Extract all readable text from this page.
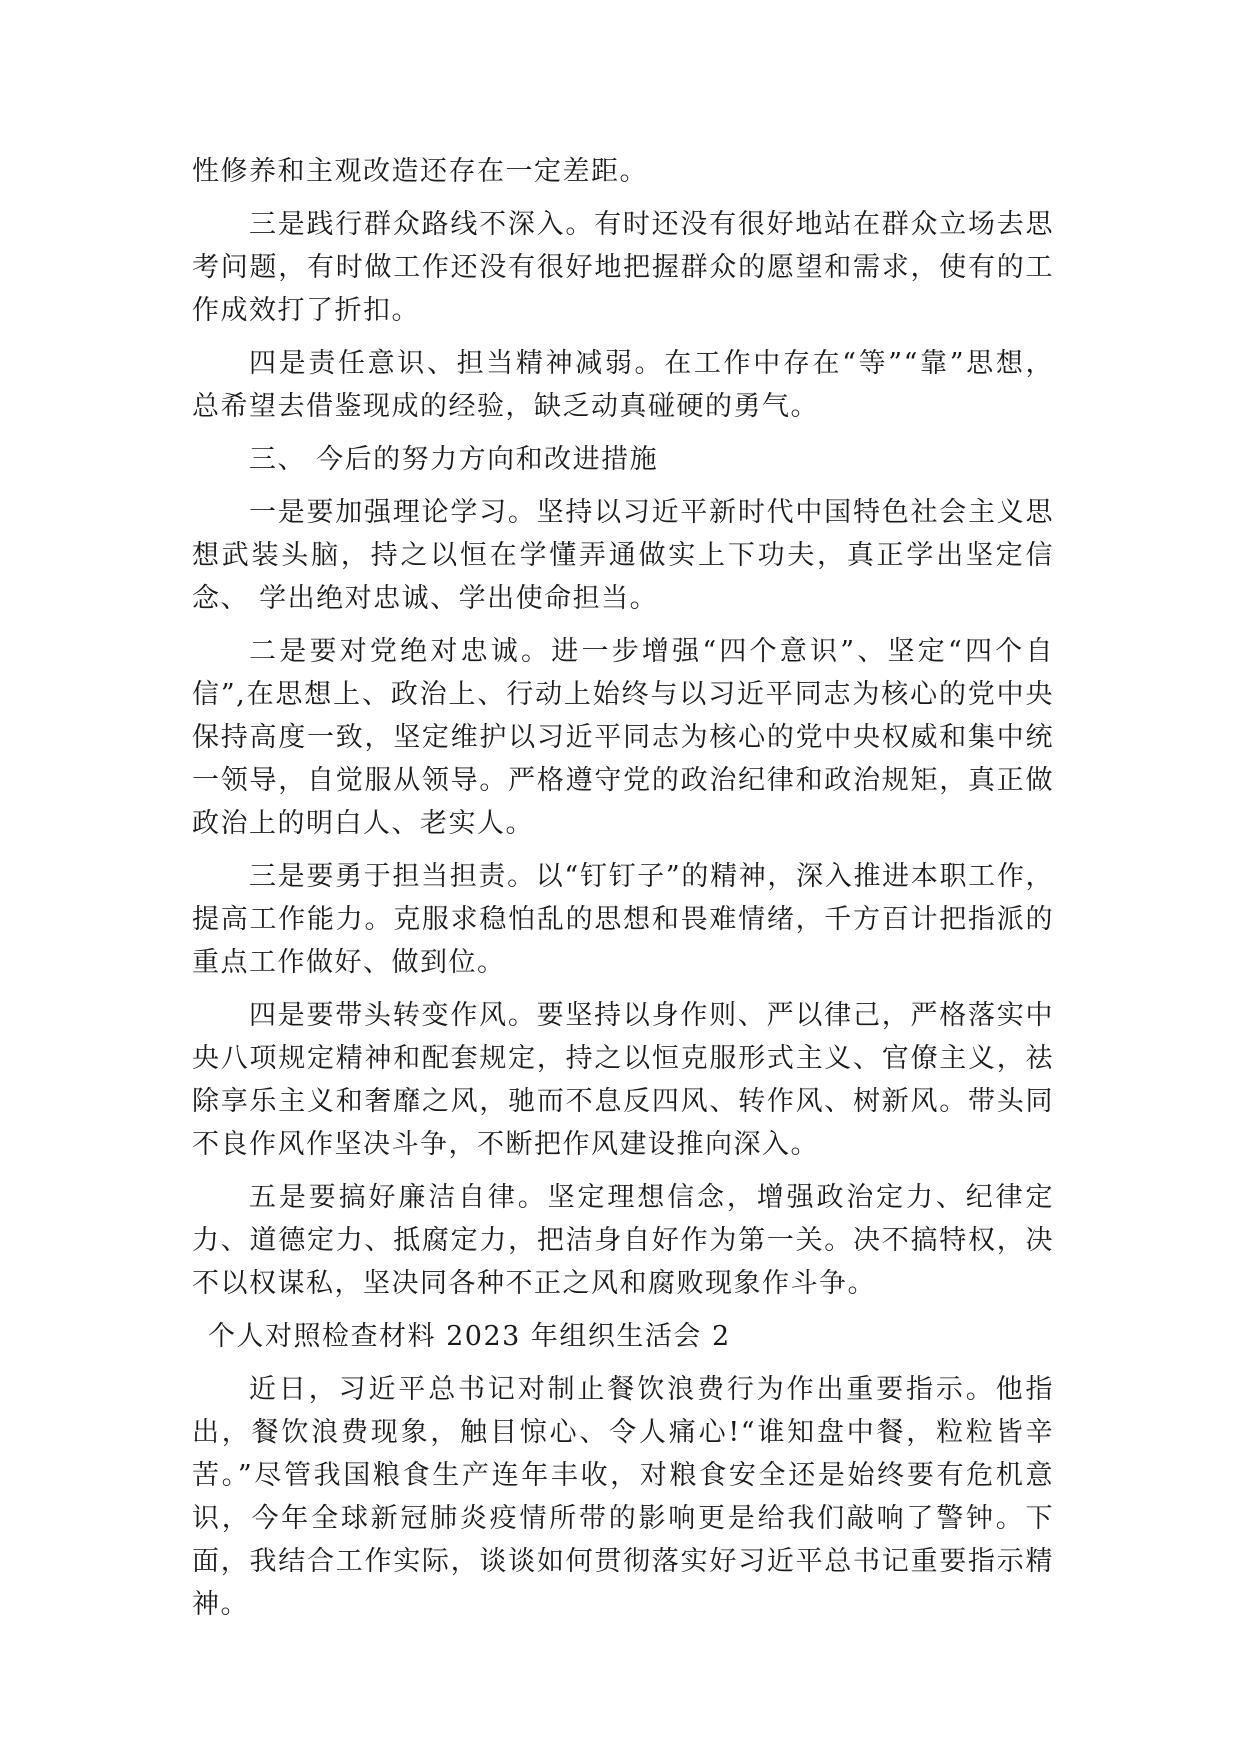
性修养和主观改造还存在一定差距。

三是践行群众路线不深入。有时还没有很好地站在群众立场去思考问题，有时做工作还没有很好地把握群众的愿望和需求，使有的工作成效打了折扣。

四是责任意识、担当精神减弱。在工作中存在“等”“靠”思想， 总希望去借鉴现成的经验，缺乏动真碰硬的勇气。

三、 今后的努力方向和改进措施

一是要加强理论学习。坚持以习近平新时代中国特色社会主义思想武装头脑，持之以恒在学懂弄通做实上下功夫，真正学出坚定信念、 学出绝对忠诚、学出使命担当。

二是要对党绝对忠诚。进一步增强“四个意识”、坚定“四个自信”,在思想上、政治上、行动上始终与以习近平同志为核心的党中央保持高度一致，坚定维护以习近平同志为核心的党中央权威和集中统一领导，自觉服从领导。严格遵守党的政治纪律和政治规矩，真正做政治上的明白人、老实人。

三是要勇于担当担责。以“钉钉子”的精神，深入推进本职工作，提高工作能力。克服求稳怕乱的思想和畏难情绪，千方百计把指派的重点工作做好、做到位。

四是要带头转变作风。要坚持以身作则、严以律己，严格落实中央八项规定精神和配套规定，持之以恒克服形式主义、官僚主义，祛除享乐主义和奢靡之风，驰而不息反四风、转作风、树新风。带头同不良作风作坚决斗争，不断把作风建设推向深入。

五是要搞好廉洁自律。坚定理想信念，增强政治定力、纪律定力、道德定力、抵腐定力，把洁身自好作为第一关。决不搞特权，决不以权谋私，坚决同各种不正之风和腐败现象作斗争。

个人对照检查材料 2023 年组织生活会 2

近日，习近平总书记对制止餐饮浪费行为作出重要指示。他指出，餐饮浪费现象，触目惊心、令人痛心!“谁知盘中餐，粒粒皆辛苦。”尽管我国粮食生产连年丰收，对粮食安全还是始终要有危机意识，今年全球新冠肺炎疫情所带的影响更是给我们敲响了警钟。下面，我结合工作实际，谈谈如何贯彻落实好习近平总书记重要指示精神。
